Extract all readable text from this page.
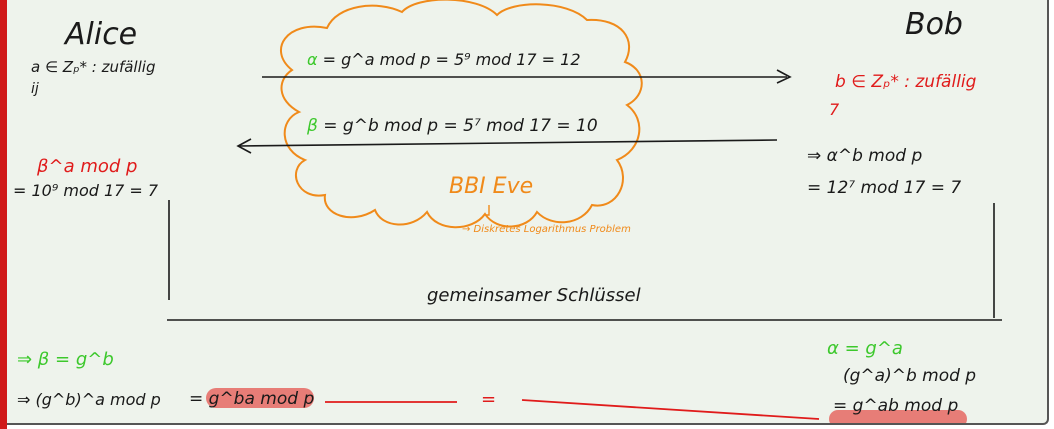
Alice
a ∈ Zₚ* : zufällig
ij
β^a mod p
= 10⁹ mod 17 = 7
⇒ β = g^b
⇒ (g^b)^a mod p = g^ba mod p
α = g^a mod p = 5⁹ mod 17 = 12
β = g^b mod p = 5⁷ mod 17 = 10
BBI Eve
→ Diskretes Logarithmus Problem
gemeinsamer Schlüssel
=
Bob
b ∈ Zₚ* : zufällig
7
⇒ α^b mod p
= 12⁷ mod 17 = 7
α = g^a
(g^a)^b mod p
= g^ab mod p
